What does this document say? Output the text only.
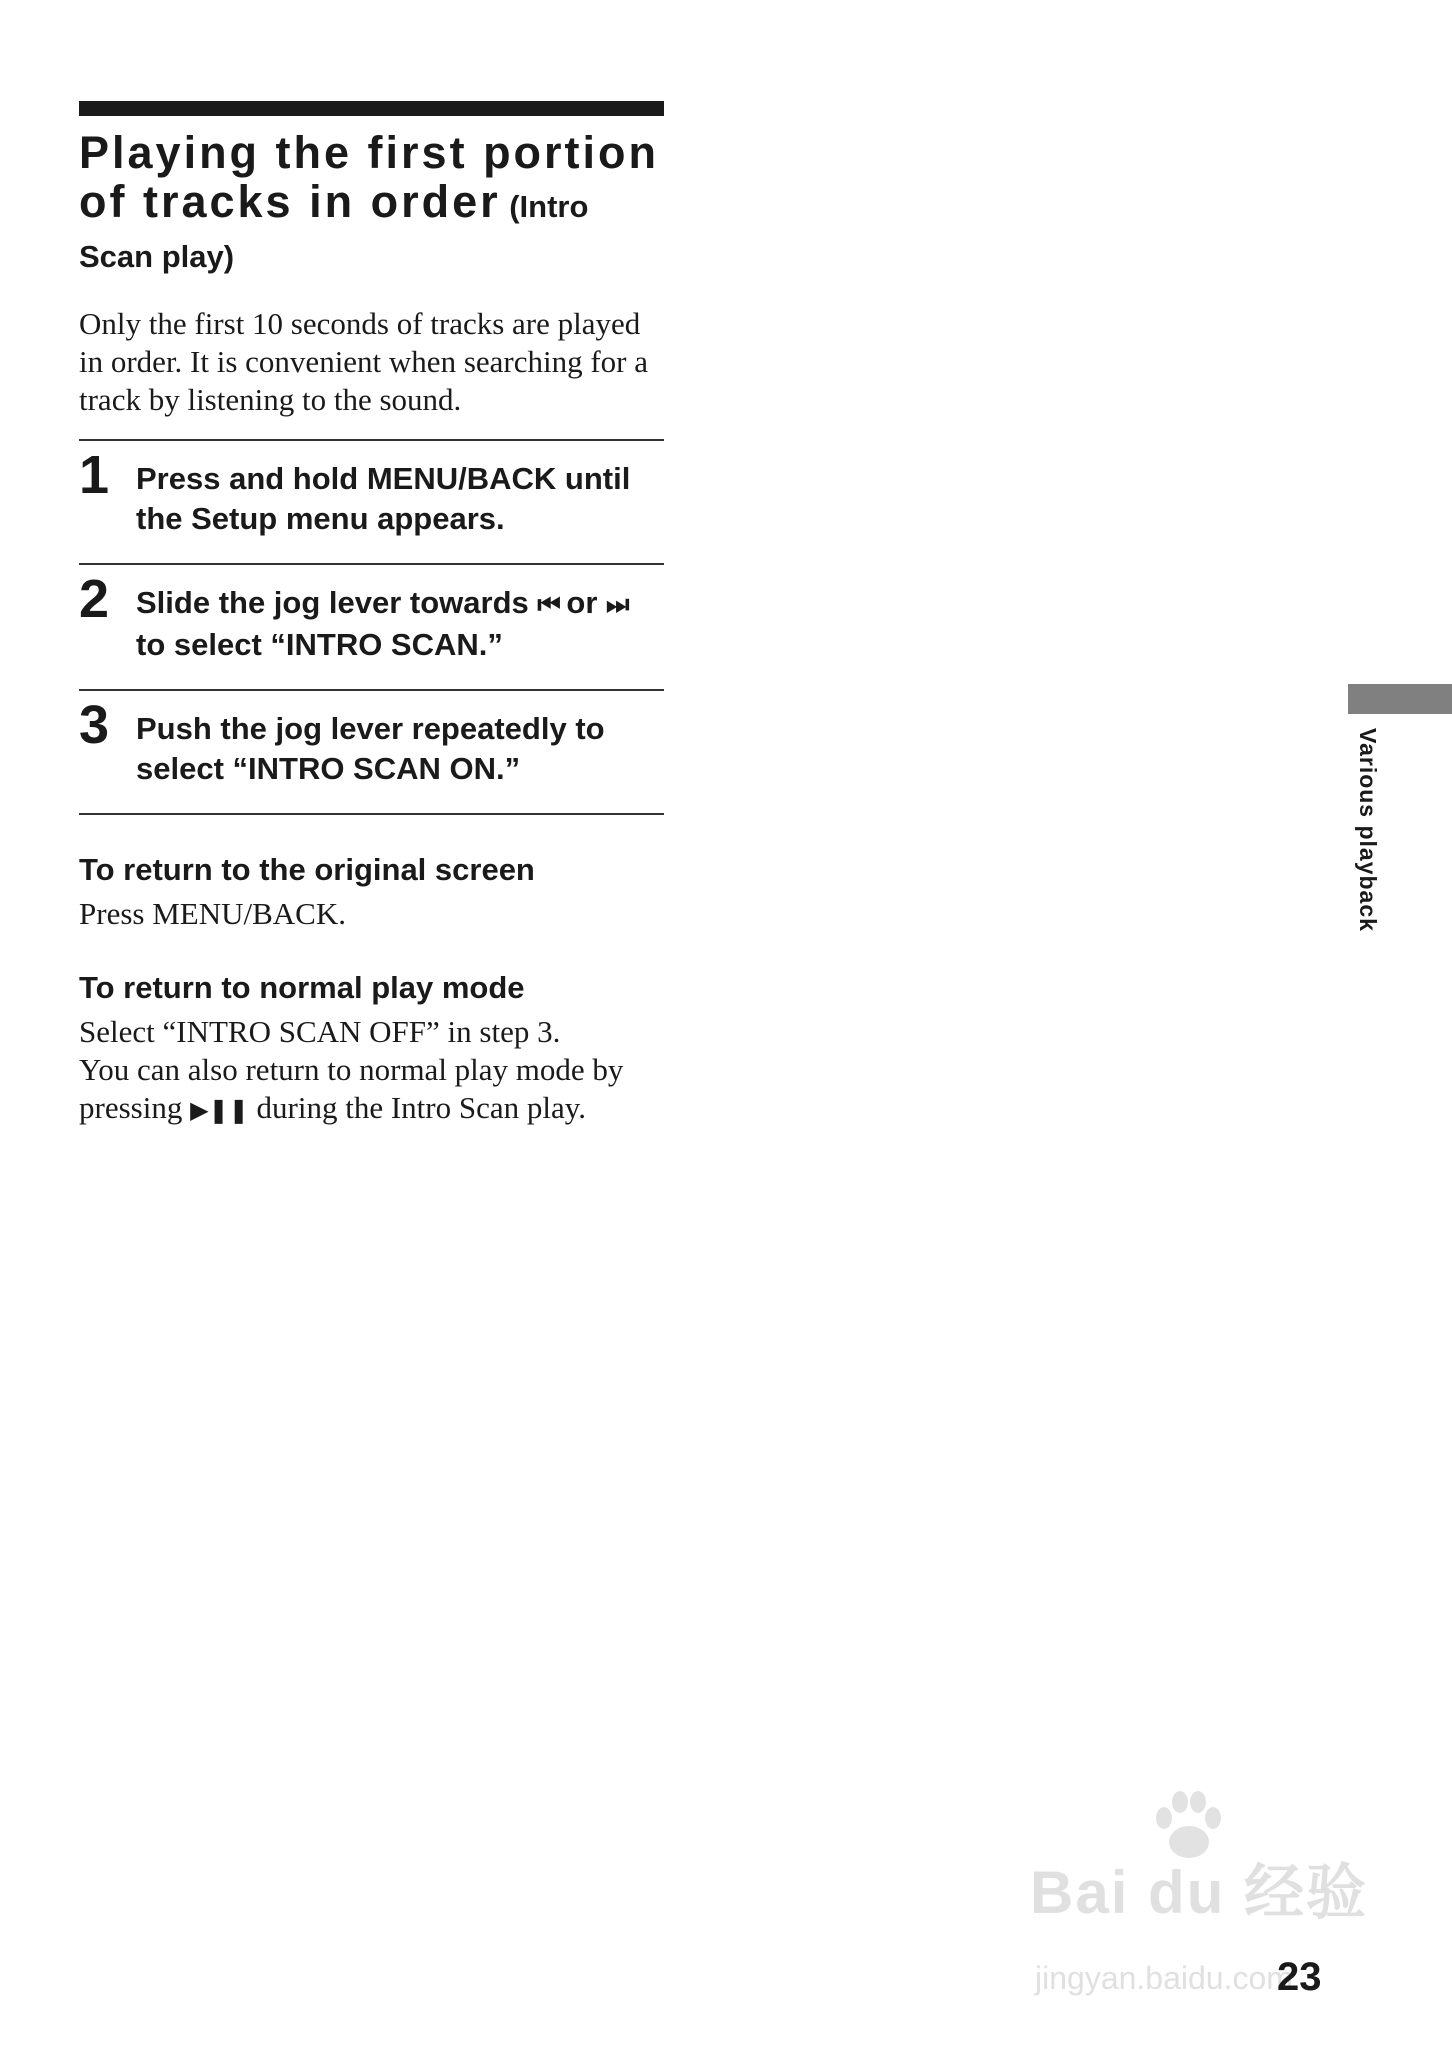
Playing the first portion
of tracks in order (Intro
Scan play)
Only the first 10 seconds of tracks are played in order. It is convenient when searching for a track by listening to the sound.
1 Press and hold MENU/BACK until the Setup menu appears.
2 Slide the jog lever towards ⏮ or ⏭ to select “INTRO SCAN.”
3 Push the jog lever repeatedly to select “INTRO SCAN ON.”
To return to the original screen
Press MENU/BACK.
To return to normal play mode

Select “INTRO SCAN OFF” in step 3.

You can also return to normal play mode by

pressing ▶❚❚ during the Intro Scan play.

Various playback
Bai du 经验
jingyan.baidu.com
23
